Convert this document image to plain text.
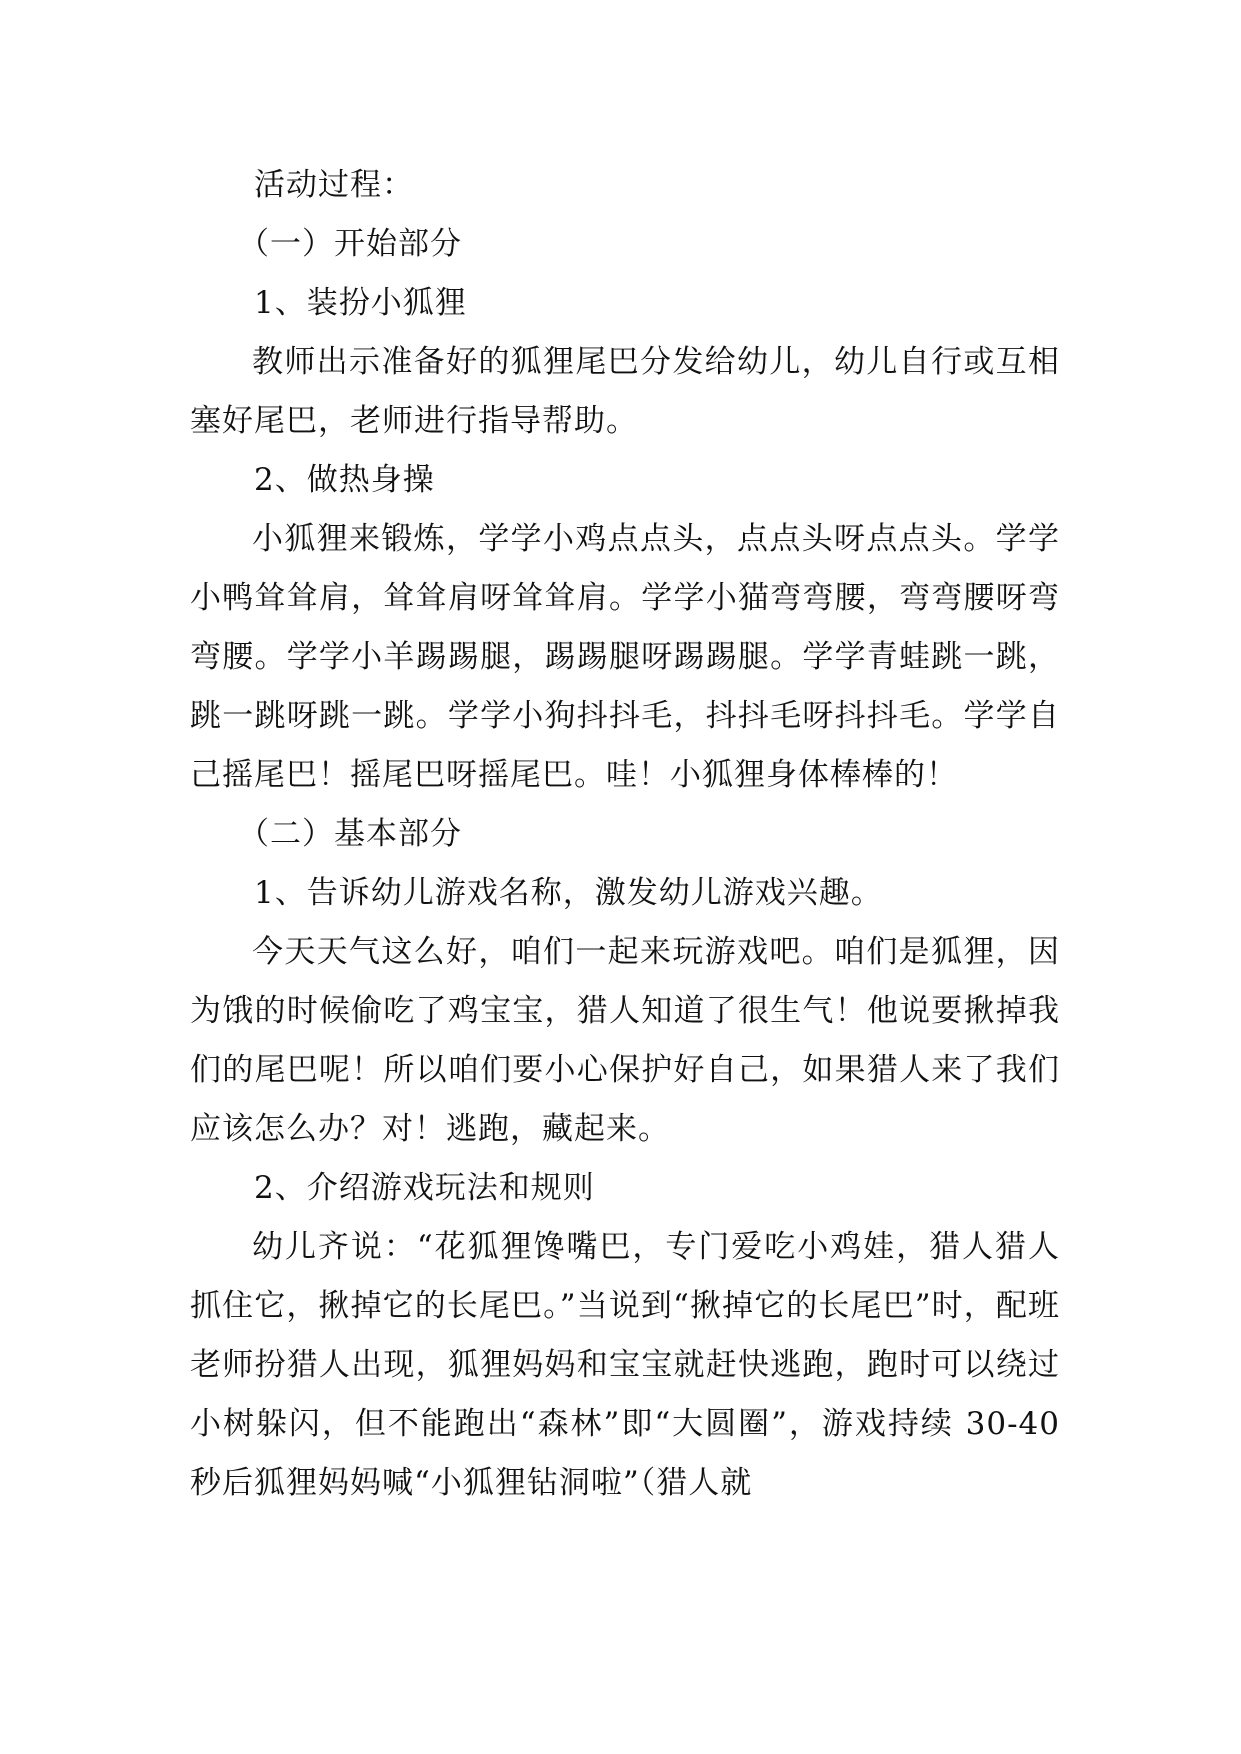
活动过程：

（一）开始部分

1、装扮小狐狸

教师出示准备好的狐狸尾巴分发给幼儿，幼儿自行或互相塞好尾巴，老师进行指导帮助。

2、做热身操

小狐狸来锻炼，学学小鸡点点头，点点头呀点点头。学学小鸭耸耸肩，耸耸肩呀耸耸肩。学学小猫弯弯腰，弯弯腰呀弯弯腰。学学小羊踢踢腿，踢踢腿呀踢踢腿。学学青蛙跳一跳，跳一跳呀跳一跳。学学小狗抖抖毛，抖抖毛呀抖抖毛。学学自己摇尾巴！摇尾巴呀摇尾巴。哇！小狐狸身体棒棒的！

（二）基本部分

1、告诉幼儿游戏名称，激发幼儿游戏兴趣。

今天天气这么好，咱们一起来玩游戏吧。咱们是狐狸，因为饿的时候偷吃了鸡宝宝，猎人知道了很生气！他说要揪掉我们的尾巴呢！所以咱们要小心保护好自己，如果猎人来了我们应该怎么办？对！逃跑，藏起来。

2、介绍游戏玩法和规则

幼儿齐说：“花狐狸馋嘴巴，专门爱吃小鸡娃，猎人猎人抓住它，揪掉它的长尾巴。”当说到“揪掉它的长尾巴”时，配班老师扮猎人出现，狐狸妈妈和宝宝就赶快逃跑，跑时可以绕过小树躲闪，但不能跑出“森林”即“大圆圈”，游戏持续 30-40 秒后狐狸妈妈喊“小狐狸钻洞啦”（猎人就
